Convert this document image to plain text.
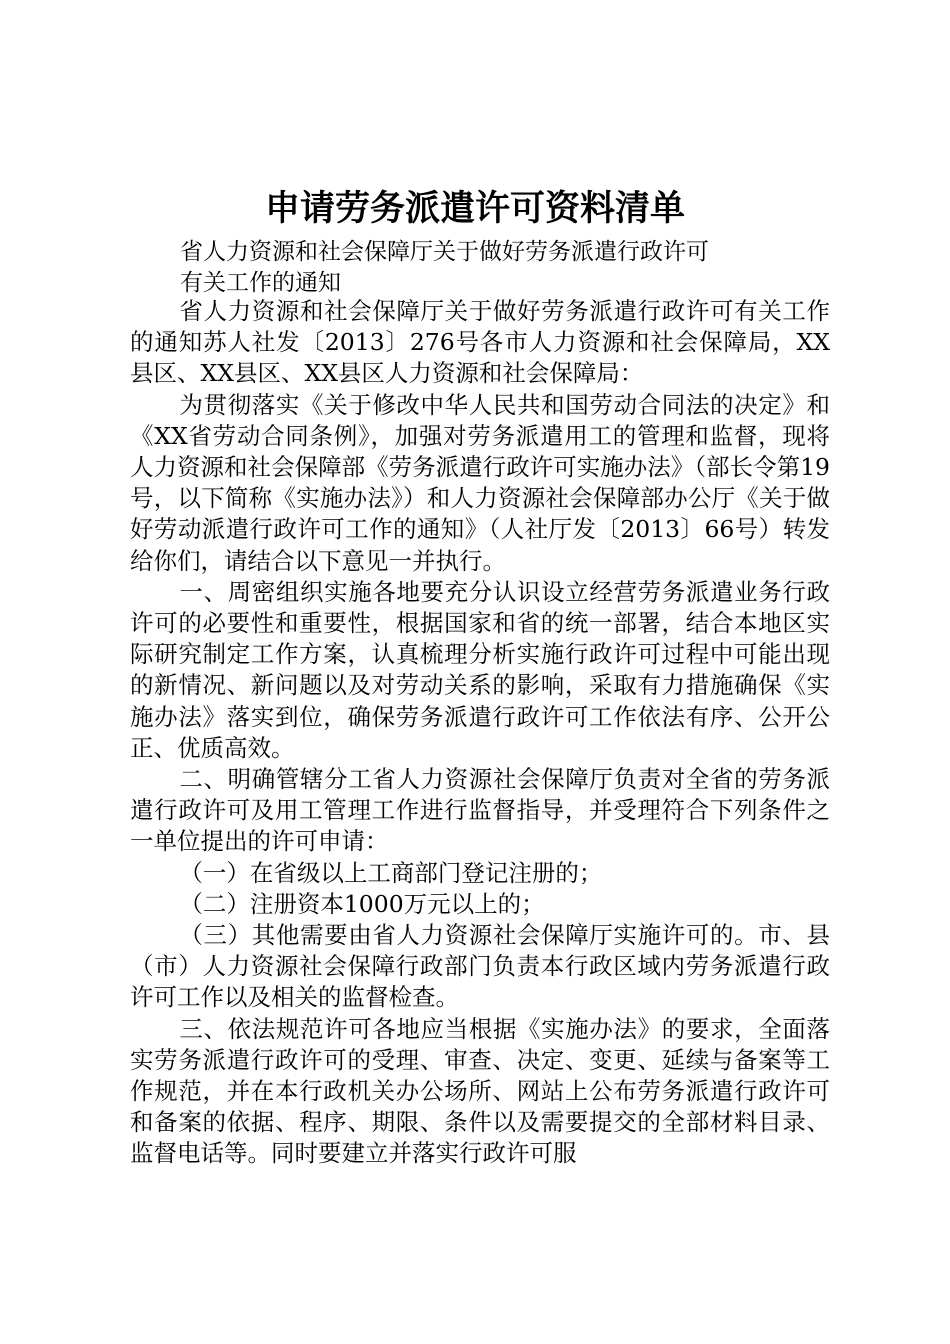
申请劳务派遣许可资料清单
省人力资源和社会保障厅关于做好劳务派遣行政许可
有关工作的通知

省人力资源和社会保障厅关于做好劳务派遣行政许可有关工作的通知苏人社发〔2013〕276号各市人力资源和社会保障局，XX县区、XX县区、XX县区人力资源和社会保障局：

为贯彻落实《关于修改中华人民共和国劳动合同法的决定》和《XX省劳动合同条例》，加强对劳务派遣用工的管理和监督，现将人力资源和社会保障部《劳务派遣行政许可实施办法》（部长令第19号，以下简称《实施办法》）和人力资源社会保障部办公厅《关于做好劳动派遣行政许可工作的通知》（人社厅发〔2013〕66号）转发给你们，请结合以下意见一并执行。

一、周密组织实施各地要充分认识设立经营劳务派遣业务行政许可的必要性和重要性，根据国家和省的统一部署，结合本地区实际研究制定工作方案，认真梳理分析实施行政许可过程中可能出现的新情况、新问题以及对劳动关系的影响，采取有力措施确保《实施办法》落实到位，确保劳务派遣行政许可工作依法有序、公开公正、优质高效。

二、明确管辖分工省人力资源社会保障厅负责对全省的劳务派遣行政许可及用工管理工作进行监督指导，并受理符合下列条件之一单位提出的许可申请：

（一）在省级以上工商部门登记注册的；

（二）注册资本1000万元以上的；

（三）其他需要由省人力资源社会保障厅实施许可的。市、县（市）人力资源社会保障行政部门负责本行政区域内劳务派遣行政许可工作以及相关的监督检查。

三、依法规范许可各地应当根据《实施办法》的要求，全面落实劳务派遣行政许可的受理、审查、决定、变更、延续与备案等工作规范，并在本行政机关办公场所、网站上公布劳务派遣行政许可和备案的依据、程序、期限、条件以及需要提交的全部材料目录、监督电话等。同时要建立并落实行政许可服
